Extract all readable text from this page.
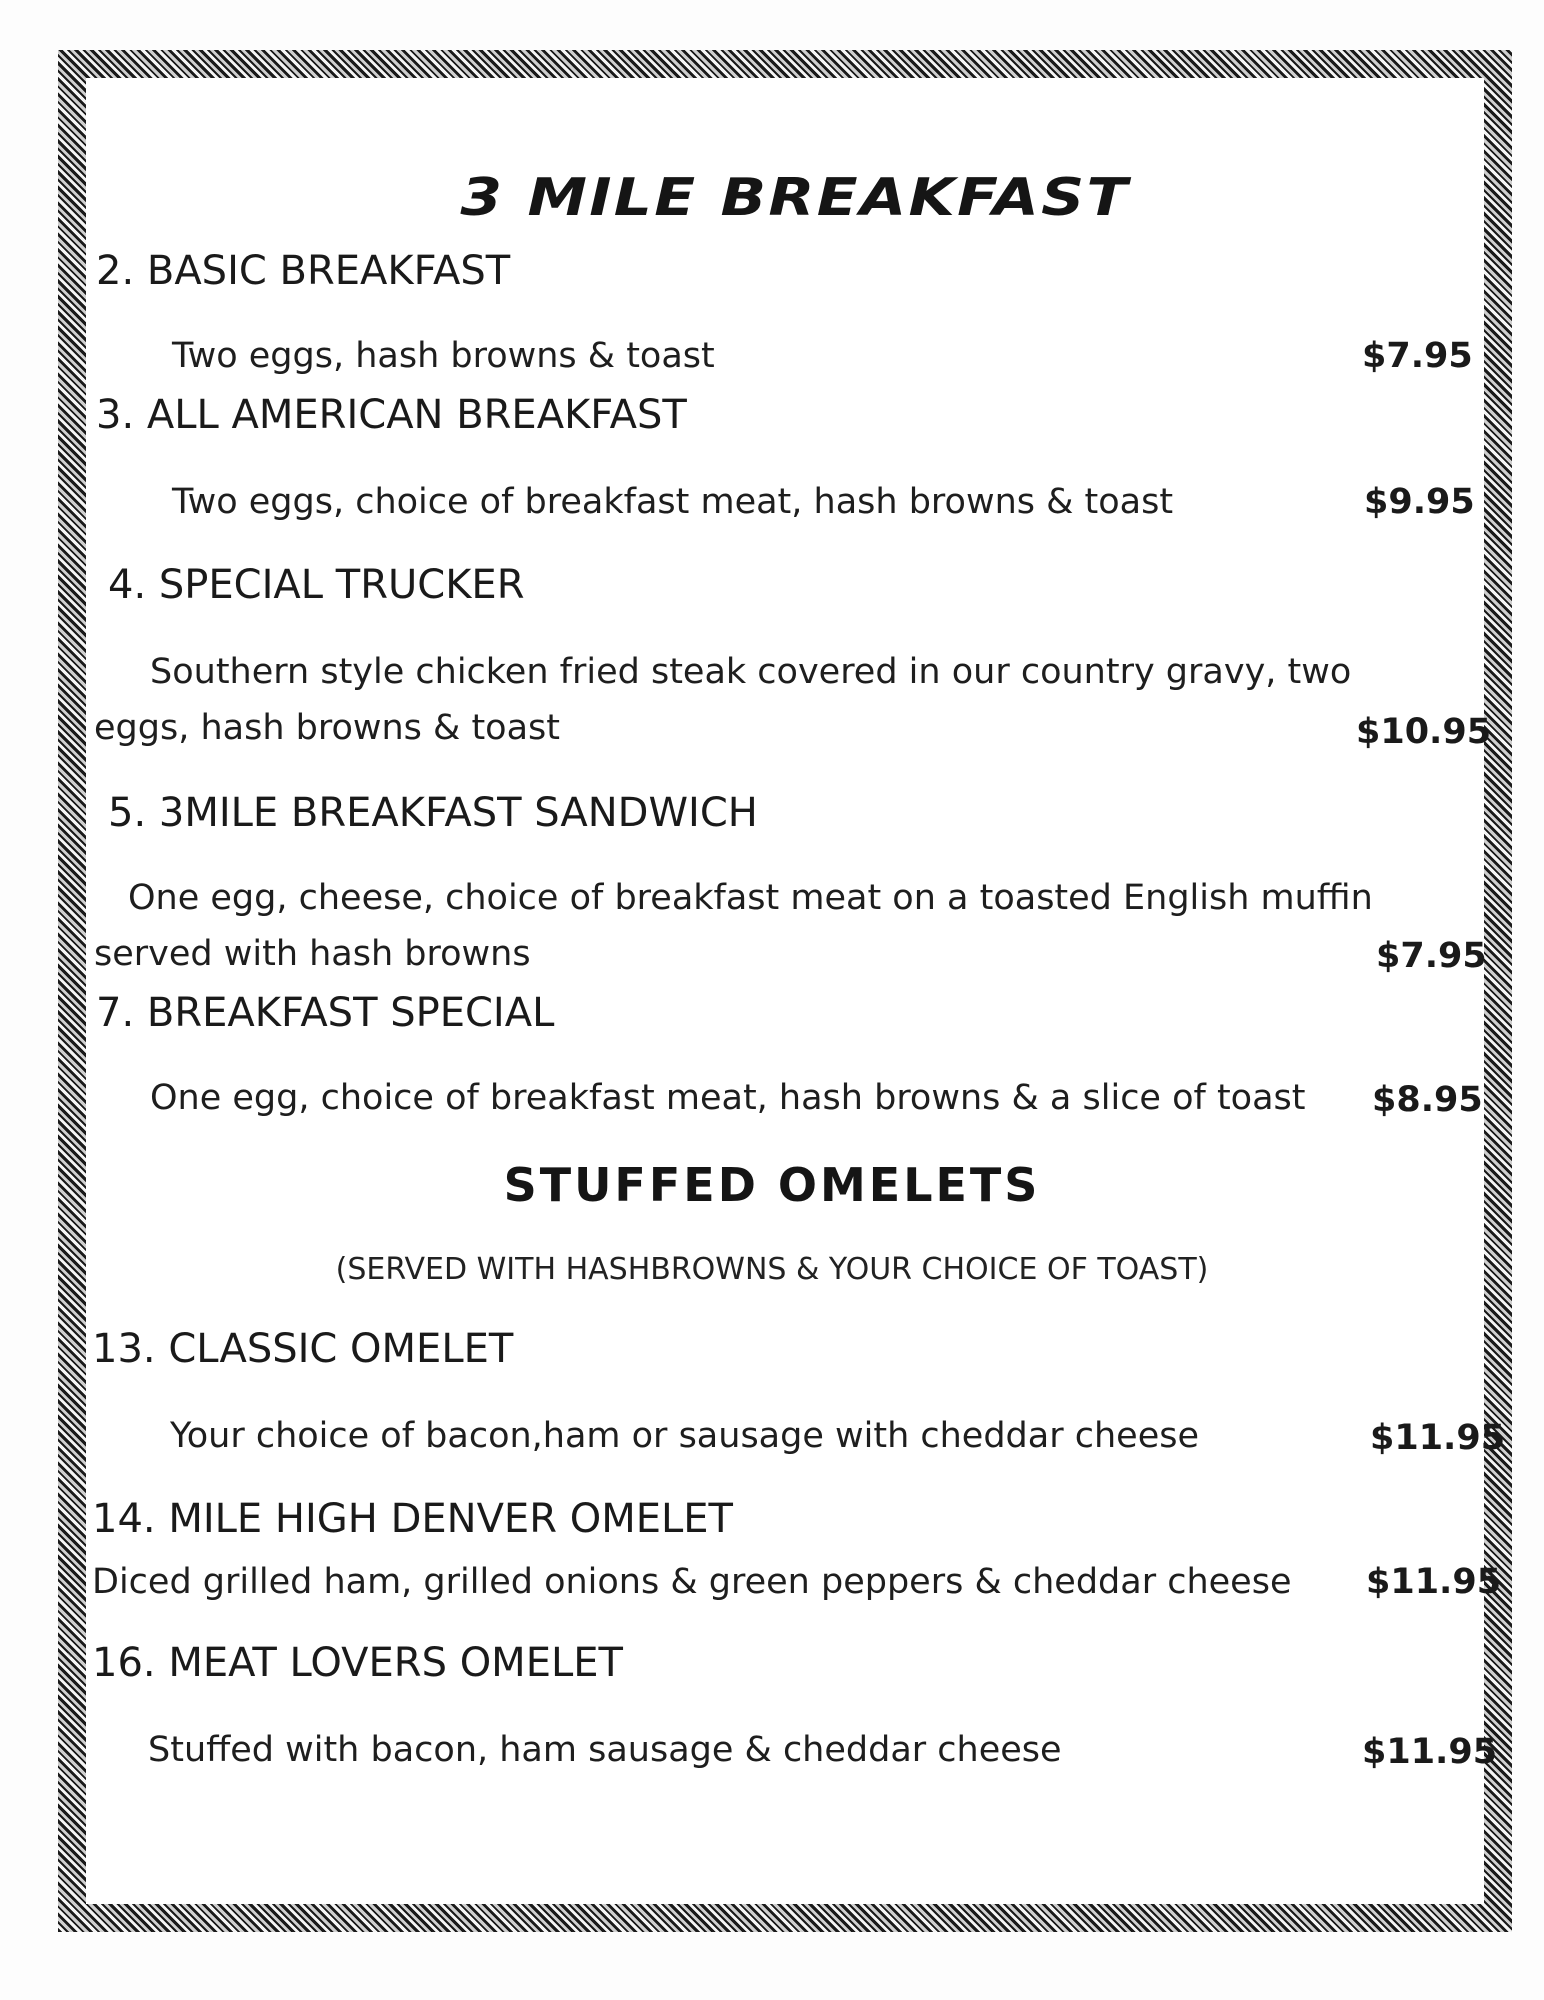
3 MILE BREAKFAST
2. BASIC BREAKFAST
Two eggs, hash browns & toast	$7.95
3. ALL AMERICAN BREAKFAST
Two eggs, choice of breakfast meat, hash browns & toast	$9.95
4. SPECIAL TRUCKER
Southern style chicken fried steak covered in our country gravy, two
eggs, hash browns & toast	$10.95
5. 3MILE BREAKFAST SANDWICH
One egg, cheese, choice of breakfast meat on a toasted English muffin
served with hash browns	$7.95
7. BREAKFAST SPECIAL
One egg, choice of breakfast meat, hash browns & a slice of toast $8.95
STUFFED OMELETS
(SERVED WITH HASHBROWNS & YOUR CHOICE OF TOAST)
13. CLASSIC OMELET
Your choice of bacon,ham or sausage with cheddar cheese	$11.95
14. MILE HIGH DENVER OMELET
Diced grilled ham, grilled onions & green peppers & cheddar cheese $11.95
16. MEAT LOVERS OMELET
Stuffed with bacon, ham sausage & cheddar cheese	$11.95
